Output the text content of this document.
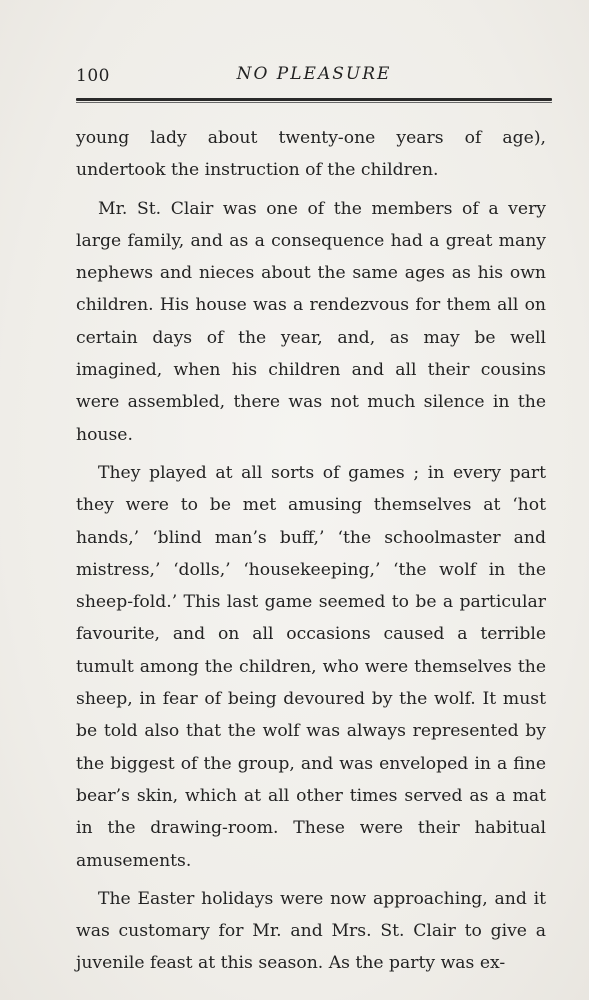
100	NO PLEASURE

young lady about twenty-one years of age), undertook the instruction of the children.

Mr. St. Clair was one of the members of a very large family, and as a consequence had a great many nephews and nieces about the same ages as his own children. His house was a rendezvous for them all on certain days of the year, and, as may be well imagined, when his children and all their cousins were assembled, there was not much silence in the house.

They played at all sorts of games ; in every part they were to be met amusing themselves at ‘hot hands,’ ‘blind man’s buff,’ ‘the schoolmaster and mistress,’ ‘dolls,’ ‘housekeeping,’ ‘the wolf in the sheep-fold.’ This last game seemed to be a particular favourite, and on all occasions caused a terrible tumult among the children, who were themselves the sheep, in fear of being devoured by the wolf. It must be told also that the wolf was always represented by the biggest of the group, and was enveloped in a fine bear’s skin, which at all other times served as a mat in the drawing-room. These were their habitual amusements.

The Easter holidays were now approaching, and it was customary for Mr. and Mrs. St. Clair to give a juvenile feast at this season. As the party was ex-
